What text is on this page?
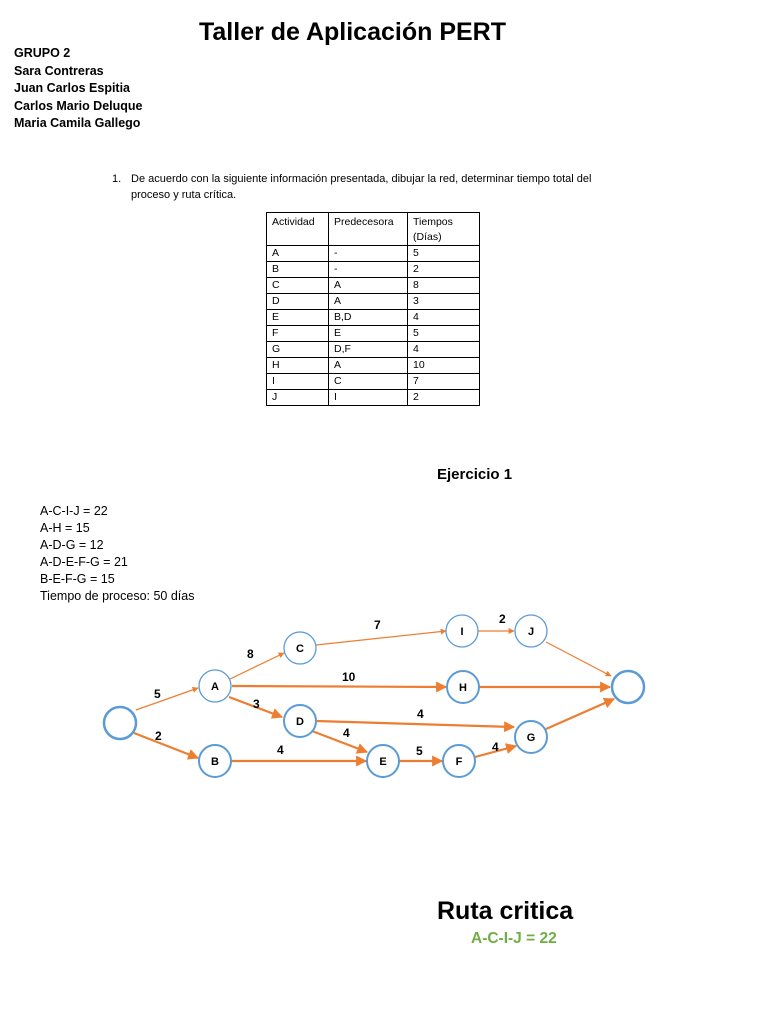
Taller de Aplicación PERT
GRUPO 2
Sara Contreras
Juan Carlos Espitia
Carlos Mario Deluque
Maria Camila Gallego
1. De acuerdo con la siguiente información presentada, dibujar la red, determinar tiempo total del proceso y ruta crítica.
Actividad	Predecesora	Tiempos (Días)
A	-	5
B	-	2
C	A	8
D	A	3
E	B,D	4
F	E	5
G	D,F	4
H	A	10
I	C	7
J	I	2
Ejercicio 1
A-C-I-J = 22
A-H = 15
A-D-G = 12
A-D-E-F-G = 21
B-E-F-G = 15
Tiempo de proceso: 50 días
5
2
8
10
3
7	2
4
4
4	5	4
A
B
C
D
E	F
G
H
I	J
Ruta critica
A-C-I-J = 22
